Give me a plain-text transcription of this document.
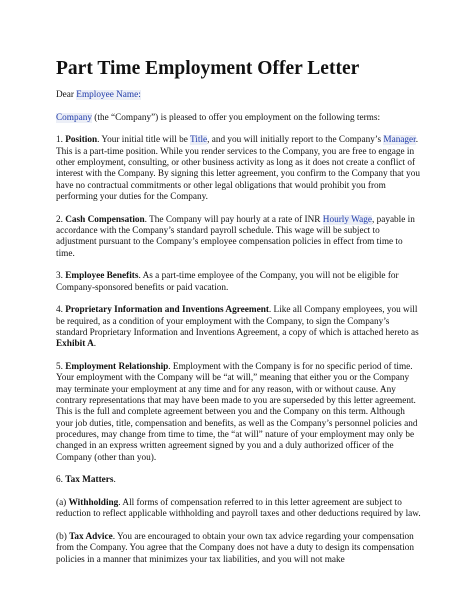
Part Time Employment Offer Letter

Dear Employee Name:

Company (the “Company”) is pleased to offer you employment on the following terms:

1. Position. Your initial title will be Title, and you will initially report to the Company’s Manager. This is a part-time position. While you render services to the Company, you are free to engage in other employment, consulting, or other business activity as long as it does not create a conflict of interest with the Company. By signing this letter agreement, you confirm to the Company that you have no contractual commitments or other legal obligations that would prohibit you from performing your duties for the Company.

2. Cash Compensation. The Company will pay hourly at a rate of INR Hourly Wage, payable in accordance with the Company’s standard payroll schedule. This wage will be subject to adjustment pursuant to the Company’s employee compensation policies in effect from time to time.

3. Employee Benefits. As a part-time employee of the Company, you will not be eligible for Company-sponsored benefits or paid vacation.

4. Proprietary Information and Inventions Agreement. Like all Company employees, you will be required, as a condition of your employment with the Company, to sign the Company’s standard Proprietary Information and Inventions Agreement, a copy of which is attached hereto as Exhibit A.

5. Employment Relationship. Employment with the Company is for no specific period of time. Your employment with the Company will be “at will,” meaning that either you or the Company may terminate your employment at any time and for any reason, with or without cause. Any contrary representations that may have been made to you are superseded by this letter agreement. This is the full and complete agreement between you and the Company on this term. Although your job duties, title, compensation and benefits, as well as the Company’s personnel policies and procedures, may change from time to time, the “at will” nature of your employment may only be changed in an express written agreement signed by you and a duly authorized officer of the Company (other than you).

6. Tax Matters.

(a) Withholding. All forms of compensation referred to in this letter agreement are subject to reduction to reflect applicable withholding and payroll taxes and other deductions required by law.

(b) Tax Advice. You are encouraged to obtain your own tax advice regarding your compensation from the Company. You agree that the Company does not have a duty to design its compensation policies in a manner that minimizes your tax liabilities, and you will not make
